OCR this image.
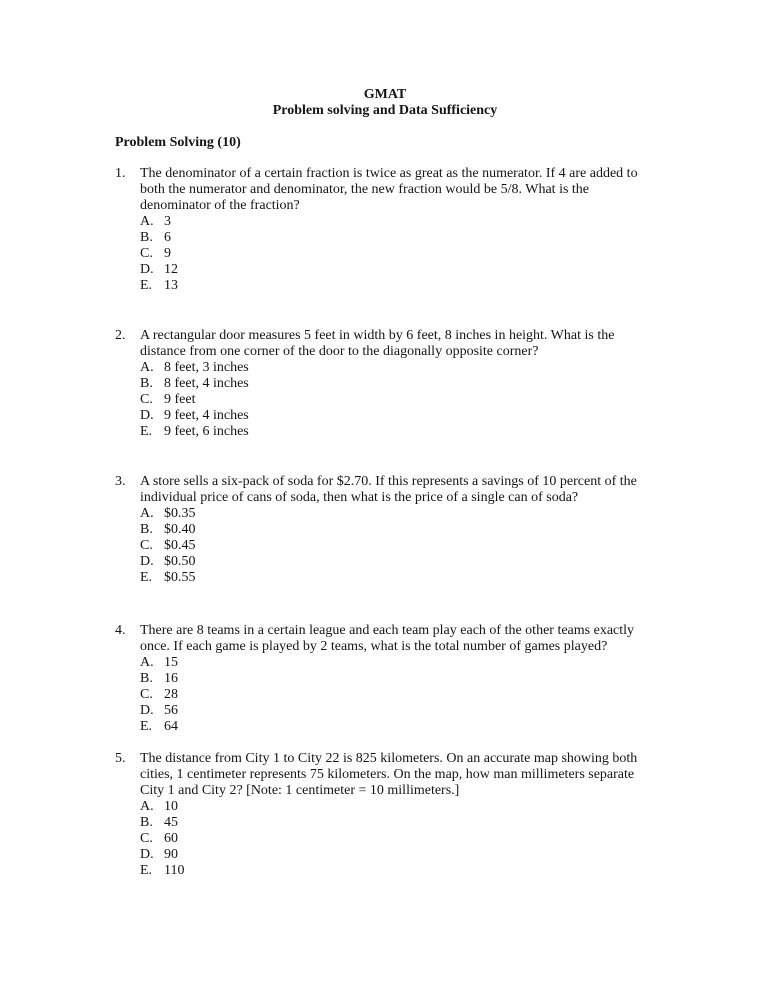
GMAT
Problem solving and Data Sufficiency
Problem Solving (10)
1.	The denominator of a certain fraction is twice as great as the numerator. If 4 are added to both the numerator and denominator, the new fraction would be 5/8. What is the denominator of the fraction?
A. 3
B. 6
C. 9
D. 12
E. 13
2.	A rectangular door measures 5 feet in width by 6 feet, 8 inches in height. What is the distance from one corner of the door to the diagonally opposite corner?
A. 8 feet, 3 inches
B. 8 feet, 4 inches
C. 9 feet
D. 9 feet, 4 inches
E. 9 feet, 6 inches
3.	A store sells a six-pack of soda for $2.70. If this represents a savings of 10 percent of the individual price of cans of soda, then what is the price of a single can of soda?
A. $0.35
B. $0.40
C. $0.45
D. $0.50
E. $0.55
4.	There are 8 teams in a certain league and each team play each of the other teams exactly once. If each game is played by 2 teams, what is the total number of games played?
A. 15
B. 16
C. 28
D. 56
E. 64
5.	The distance from City 1 to City 22 is 825 kilometers. On an accurate map showing both cities, 1 centimeter represents 75 kilometers. On the map, how man millimeters separate City 1 and City 2? [Note: 1 centimeter = 10 millimeters.]
A. 10
B. 45
C. 60
D. 90
E. 110
